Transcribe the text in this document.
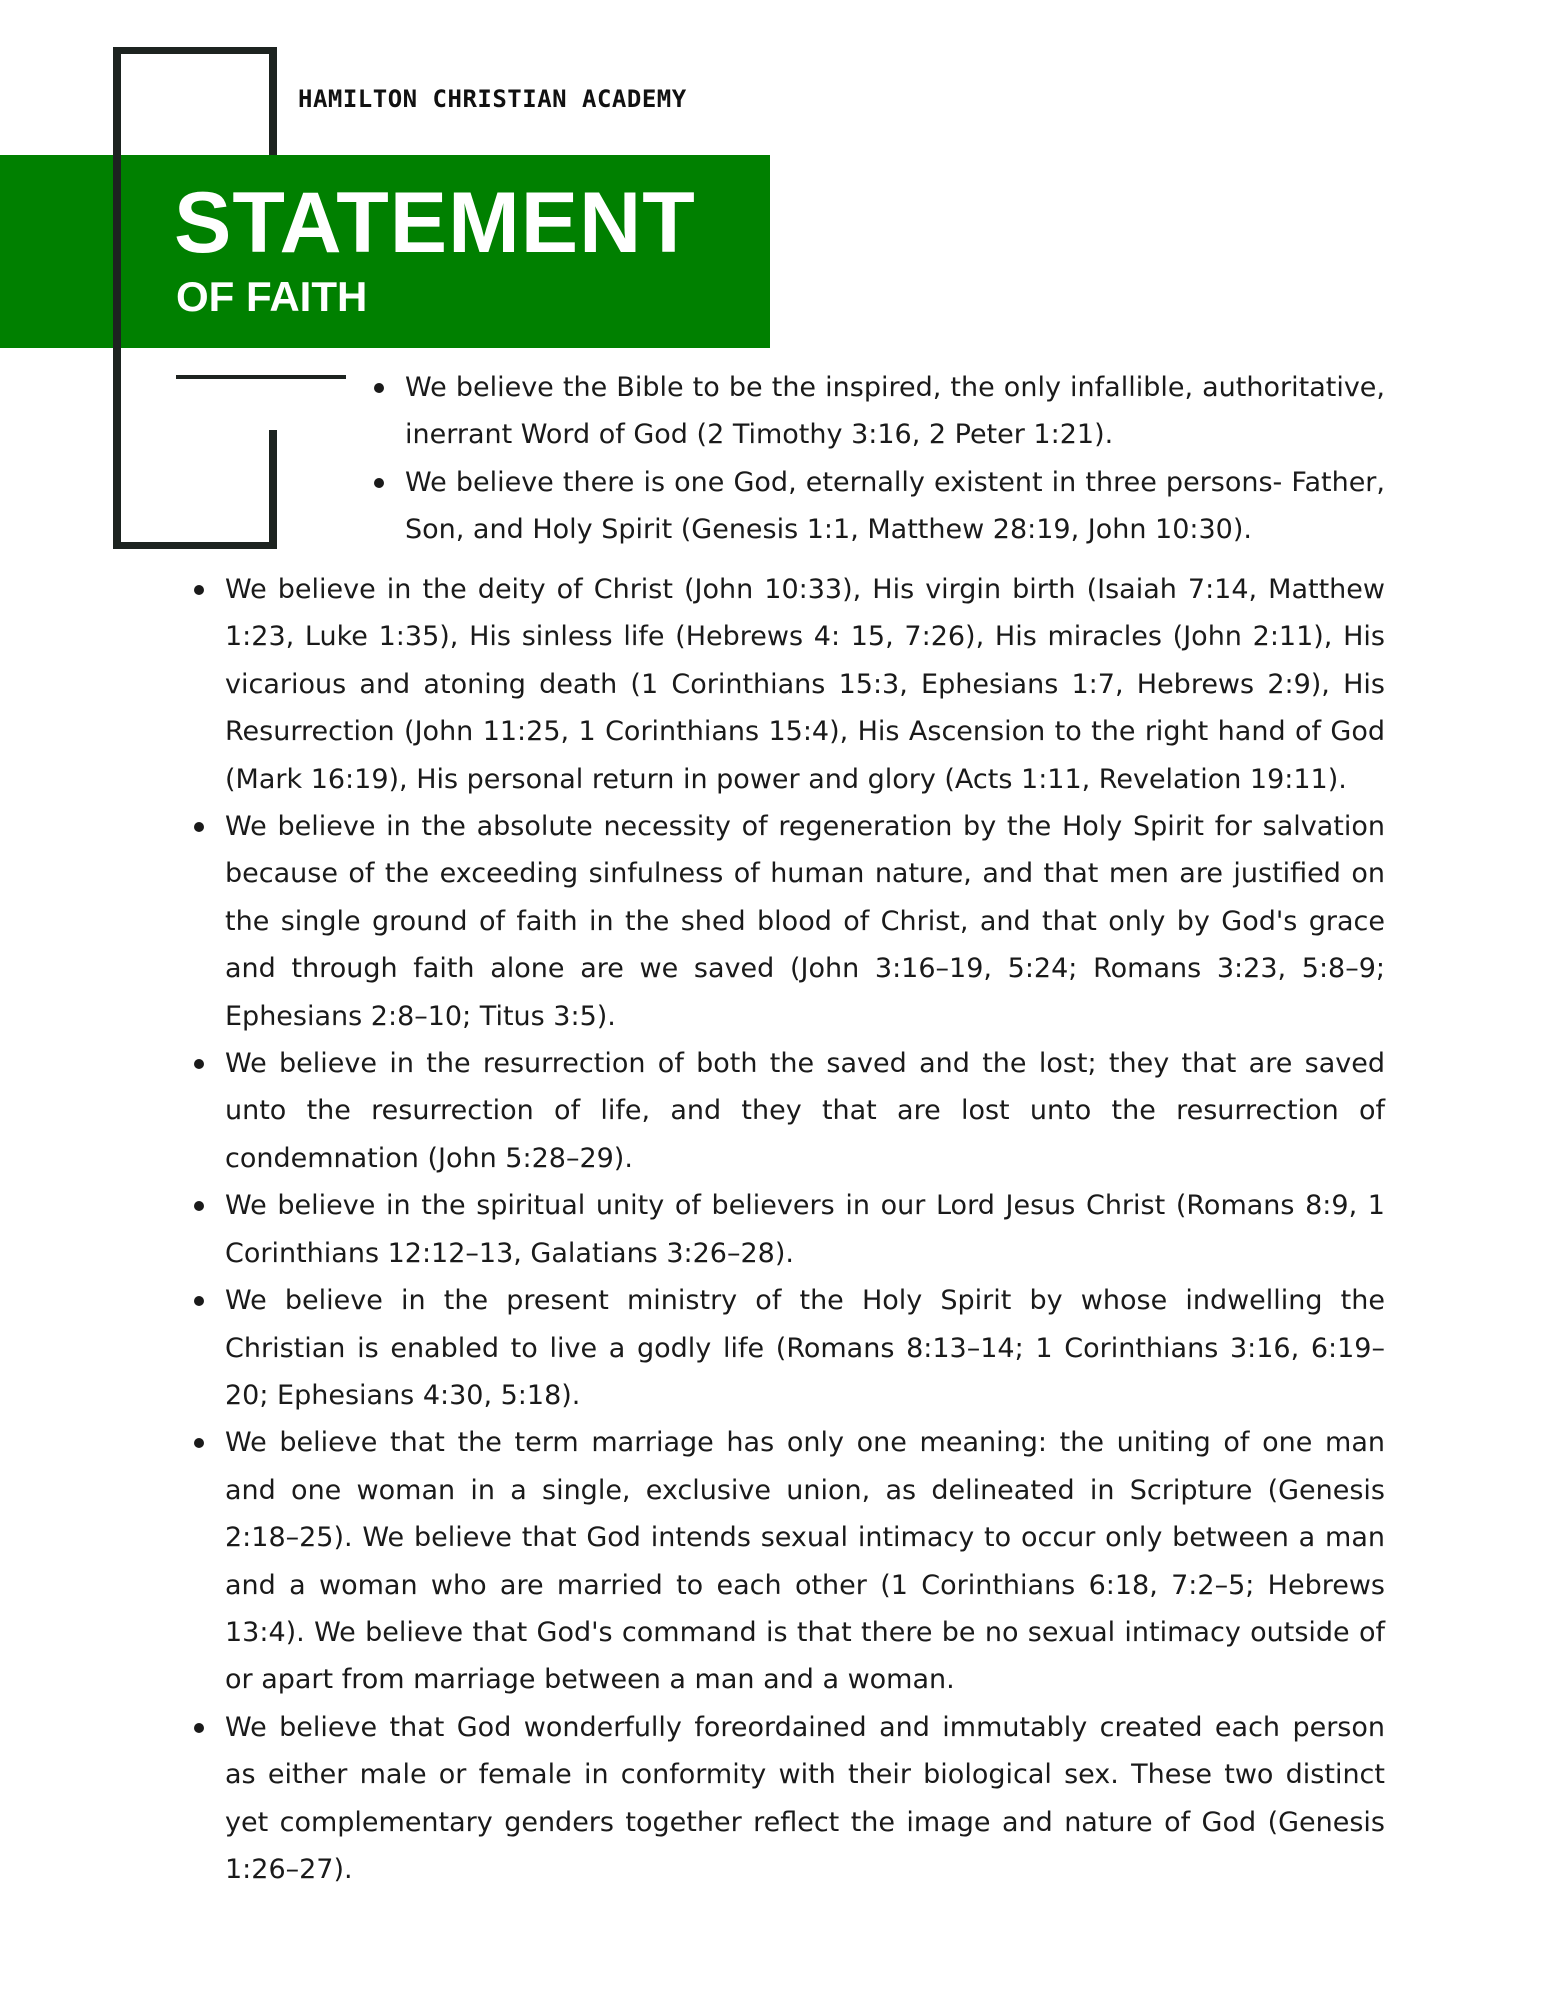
HAMILTON CHRISTIAN ACADEMY
STATEMENT
OF FAITH
We believe the Bible to be the inspired, the only infallible, authoritative, inerrant Word of God (2 Timothy 3:16, 2 Peter 1:21).
We believe there is one God, eternally existent in three persons- Father, Son, and Holy Spirit (Genesis 1:1, Matthew 28:19, John 10:30).
We believe in the deity of Christ (John 10:33), His virgin birth (Isaiah 7:14, Matthew 1:23, Luke 1:35), His sinless life (Hebrews 4: 15, 7:26), His miracles (John 2:11), His vicarious and atoning death (1 Corinthians 15:3, Ephesians 1:7, Hebrews 2:9), His Resurrection (John 11:25, 1 Corinthians 15:4), His Ascension to the right hand of God (Mark 16:19), His personal return in power and glory (Acts 1:11, Revelation 19:11).
We believe in the absolute necessity of regeneration by the Holy Spirit for salvation because of the exceeding sinfulness of human nature, and that men are justified on the single ground of faith in the shed blood of Christ, and that only by God's grace and through faith alone are we saved (John 3:16–19, 5:24; Romans 3:23, 5:8–9; Ephesians 2:8–10; Titus 3:5).
We believe in the resurrection of both the saved and the lost; they that are saved unto the resurrection of life, and they that are lost unto the resurrection of condemnation (John 5:28–29).
We believe in the spiritual unity of believers in our Lord Jesus Christ (Romans 8:9, 1 Corinthians 12:12–13, Galatians 3:26–28).
We believe in the present ministry of the Holy Spirit by whose indwelling the Christian is enabled to live a godly life (Romans 8:13–14; 1 Corinthians 3:16, 6:19–20; Ephesians 4:30, 5:18).
We believe that the term marriage has only one meaning: the uniting of one man and one woman in a single, exclusive union, as delineated in Scripture (Genesis 2:18–25). We believe that God intends sexual intimacy to occur only between a man and a woman who are married to each other (1 Corinthians 6:18, 7:2–5; Hebrews 13:4). We believe that God's command is that there be no sexual intimacy outside of or apart from marriage between a man and a woman.
We believe that God wonderfully foreordained and immutably created each person as either male or female in conformity with their biological sex. These two distinct yet complementary genders together reflect the image and nature of God (Genesis 1:26–27).
